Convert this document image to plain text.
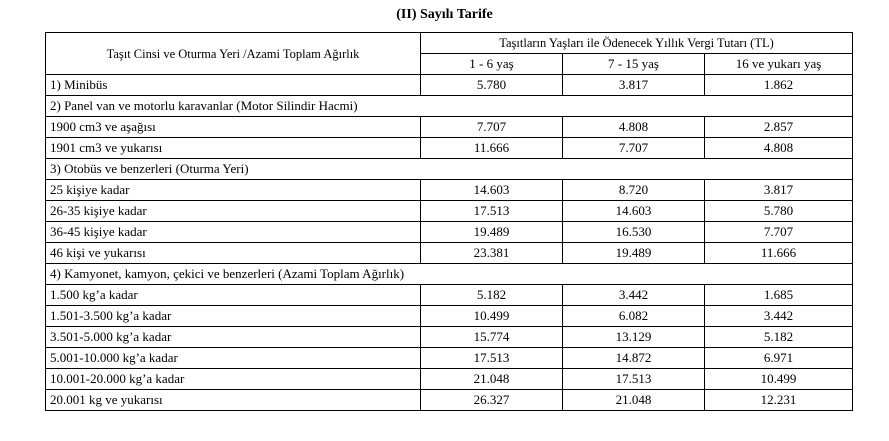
(II) Sayılı Tarife
Taşıt Cinsi ve Oturma Yeri /Azami Toplam Ağırlık	Taşıtların Yaşları ile Ödenecek Yıllık Vergi Tutarı (TL)		
	1 - 6 yaş	7 - 15 yaş	16 ve yukarı yaş
1) Minibüs	5.780	3.817	1.862
2) Panel van ve motorlu karavanlar (Motor Silindir Hacmi)			
1900 cm3 ve aşağısı	7.707	4.808	2.857
1901 cm3 ve yukarısı	11.666	7.707	4.808
3) Otobüs ve benzerleri (Oturma Yeri)			
25 kişiye kadar	14.603	8.720	3.817
26-35 kişiye kadar	17.513	14.603	5.780
36-45 kişiye kadar	19.489	16.530	7.707
46 kişi ve yukarısı	23.381	19.489	11.666
4) Kamyonet, kamyon, çekici ve benzerleri (Azami Toplam Ağırlık)			
1.500 kg’a kadar	5.182	3.442	1.685
1.501-3.500 kg’a kadar	10.499	6.082	3.442
3.501-5.000 kg’a kadar	15.774	13.129	5.182
5.001-10.000 kg’a kadar	17.513	14.872	6.971
10.001-20.000 kg’a kadar	21.048	17.513	10.499
20.001 kg ve yukarısı	26.327	21.048	12.231
